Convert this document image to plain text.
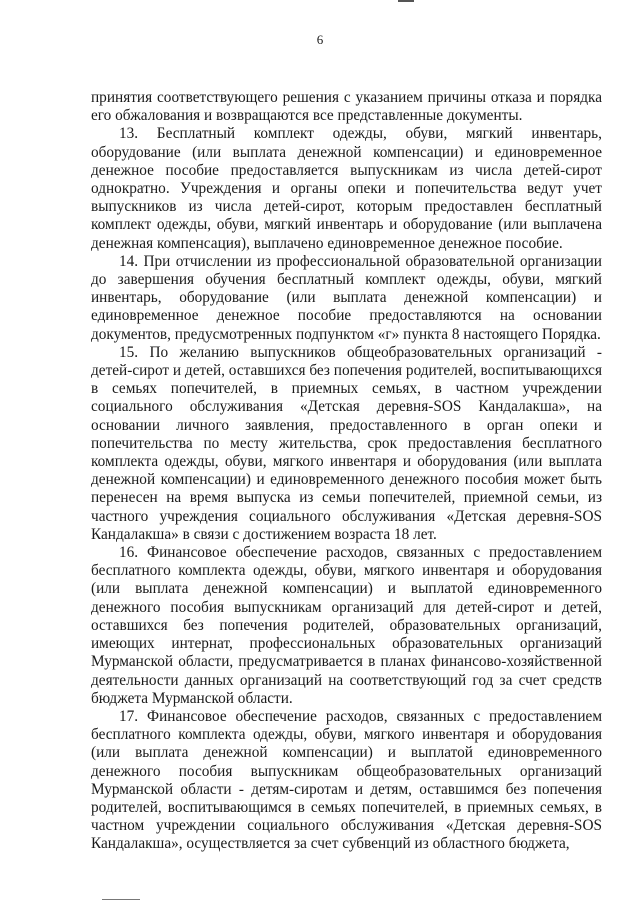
6

принятия соответствующего решения с указанием причины отказа и порядка его обжалования и возвращаются все представленные документы.

13. Бесплатный комплект одежды, обуви, мягкий инвентарь, оборудование (или выплата денежной компенсации) и единовременное денежное пособие предоставляется выпускникам из числа детей-сирот однократно. Учреждения и органы опеки и попечительства ведут учет выпускников из числа детей-сирот, которым предоставлен бесплатный комплект одежды, обуви, мягкий инвентарь и оборудование (или выплачена денежная компенсация), выплачено единовременное денежное пособие.

14. При отчислении из профессиональной образовательной организации до завершения обучения бесплатный комплект одежды, обуви, мягкий инвентарь, оборудование (или выплата денежной компенсации) и единовременное денежное пособие предоставляются на основании документов, предусмотренных подпунктом «г» пункта 8 настоящего Порядка.

15. По желанию выпускников общеобразовательных организаций - детей-сирот и детей, оставшихся без попечения родителей, воспитывающихся в семьях попечителей, в приемных семьях, в частном учреждении социального обслуживания «Детская деревня-SOS Кандалакша», на основании личного заявления, предоставленного в орган опеки и попечительства по месту жительства, срок предоставления бесплатного комплекта одежды, обуви, мягкого инвентаря и оборудования (или выплата денежной компенсации) и единовременного денежного пособия может быть перенесен на время выпуска из семьи попечителей, приемной семьи, из частного учреждения социального обслуживания «Детская деревня-SOS Кандалакша» в связи с достижением возраста 18 лет.

16. Финансовое обеспечение расходов, связанных с предоставлением бесплатного комплекта одежды, обуви, мягкого инвентаря и оборудования (или выплата денежной компенсации) и выплатой единовременного денежного пособия выпускникам организаций для детей-сирот и детей, оставшихся без попечения родителей, образовательных организаций, имеющих интернат, профессиональных образовательных организаций Мурманской области, предусматривается в планах финансово-хозяйственной деятельности данных организаций на соответствующий год за счет средств бюджета Мурманской области.

17. Финансовое обеспечение расходов, связанных с предоставлением бесплатного комплекта одежды, обуви, мягкого инвентаря и оборудования (или выплата денежной компенсации) и выплатой единовременного денежного пособия выпускникам общеобразовательных организаций Мурманской области - детям-сиротам и детям, оставшимся без попечения родителей, воспитывающимся в семьях попечителей, в приемных семьях, в частном учреждении социального обслуживания «Детская деревня-SOS Кандалакша», осуществляется за счет субвенций из областного бюджета,
